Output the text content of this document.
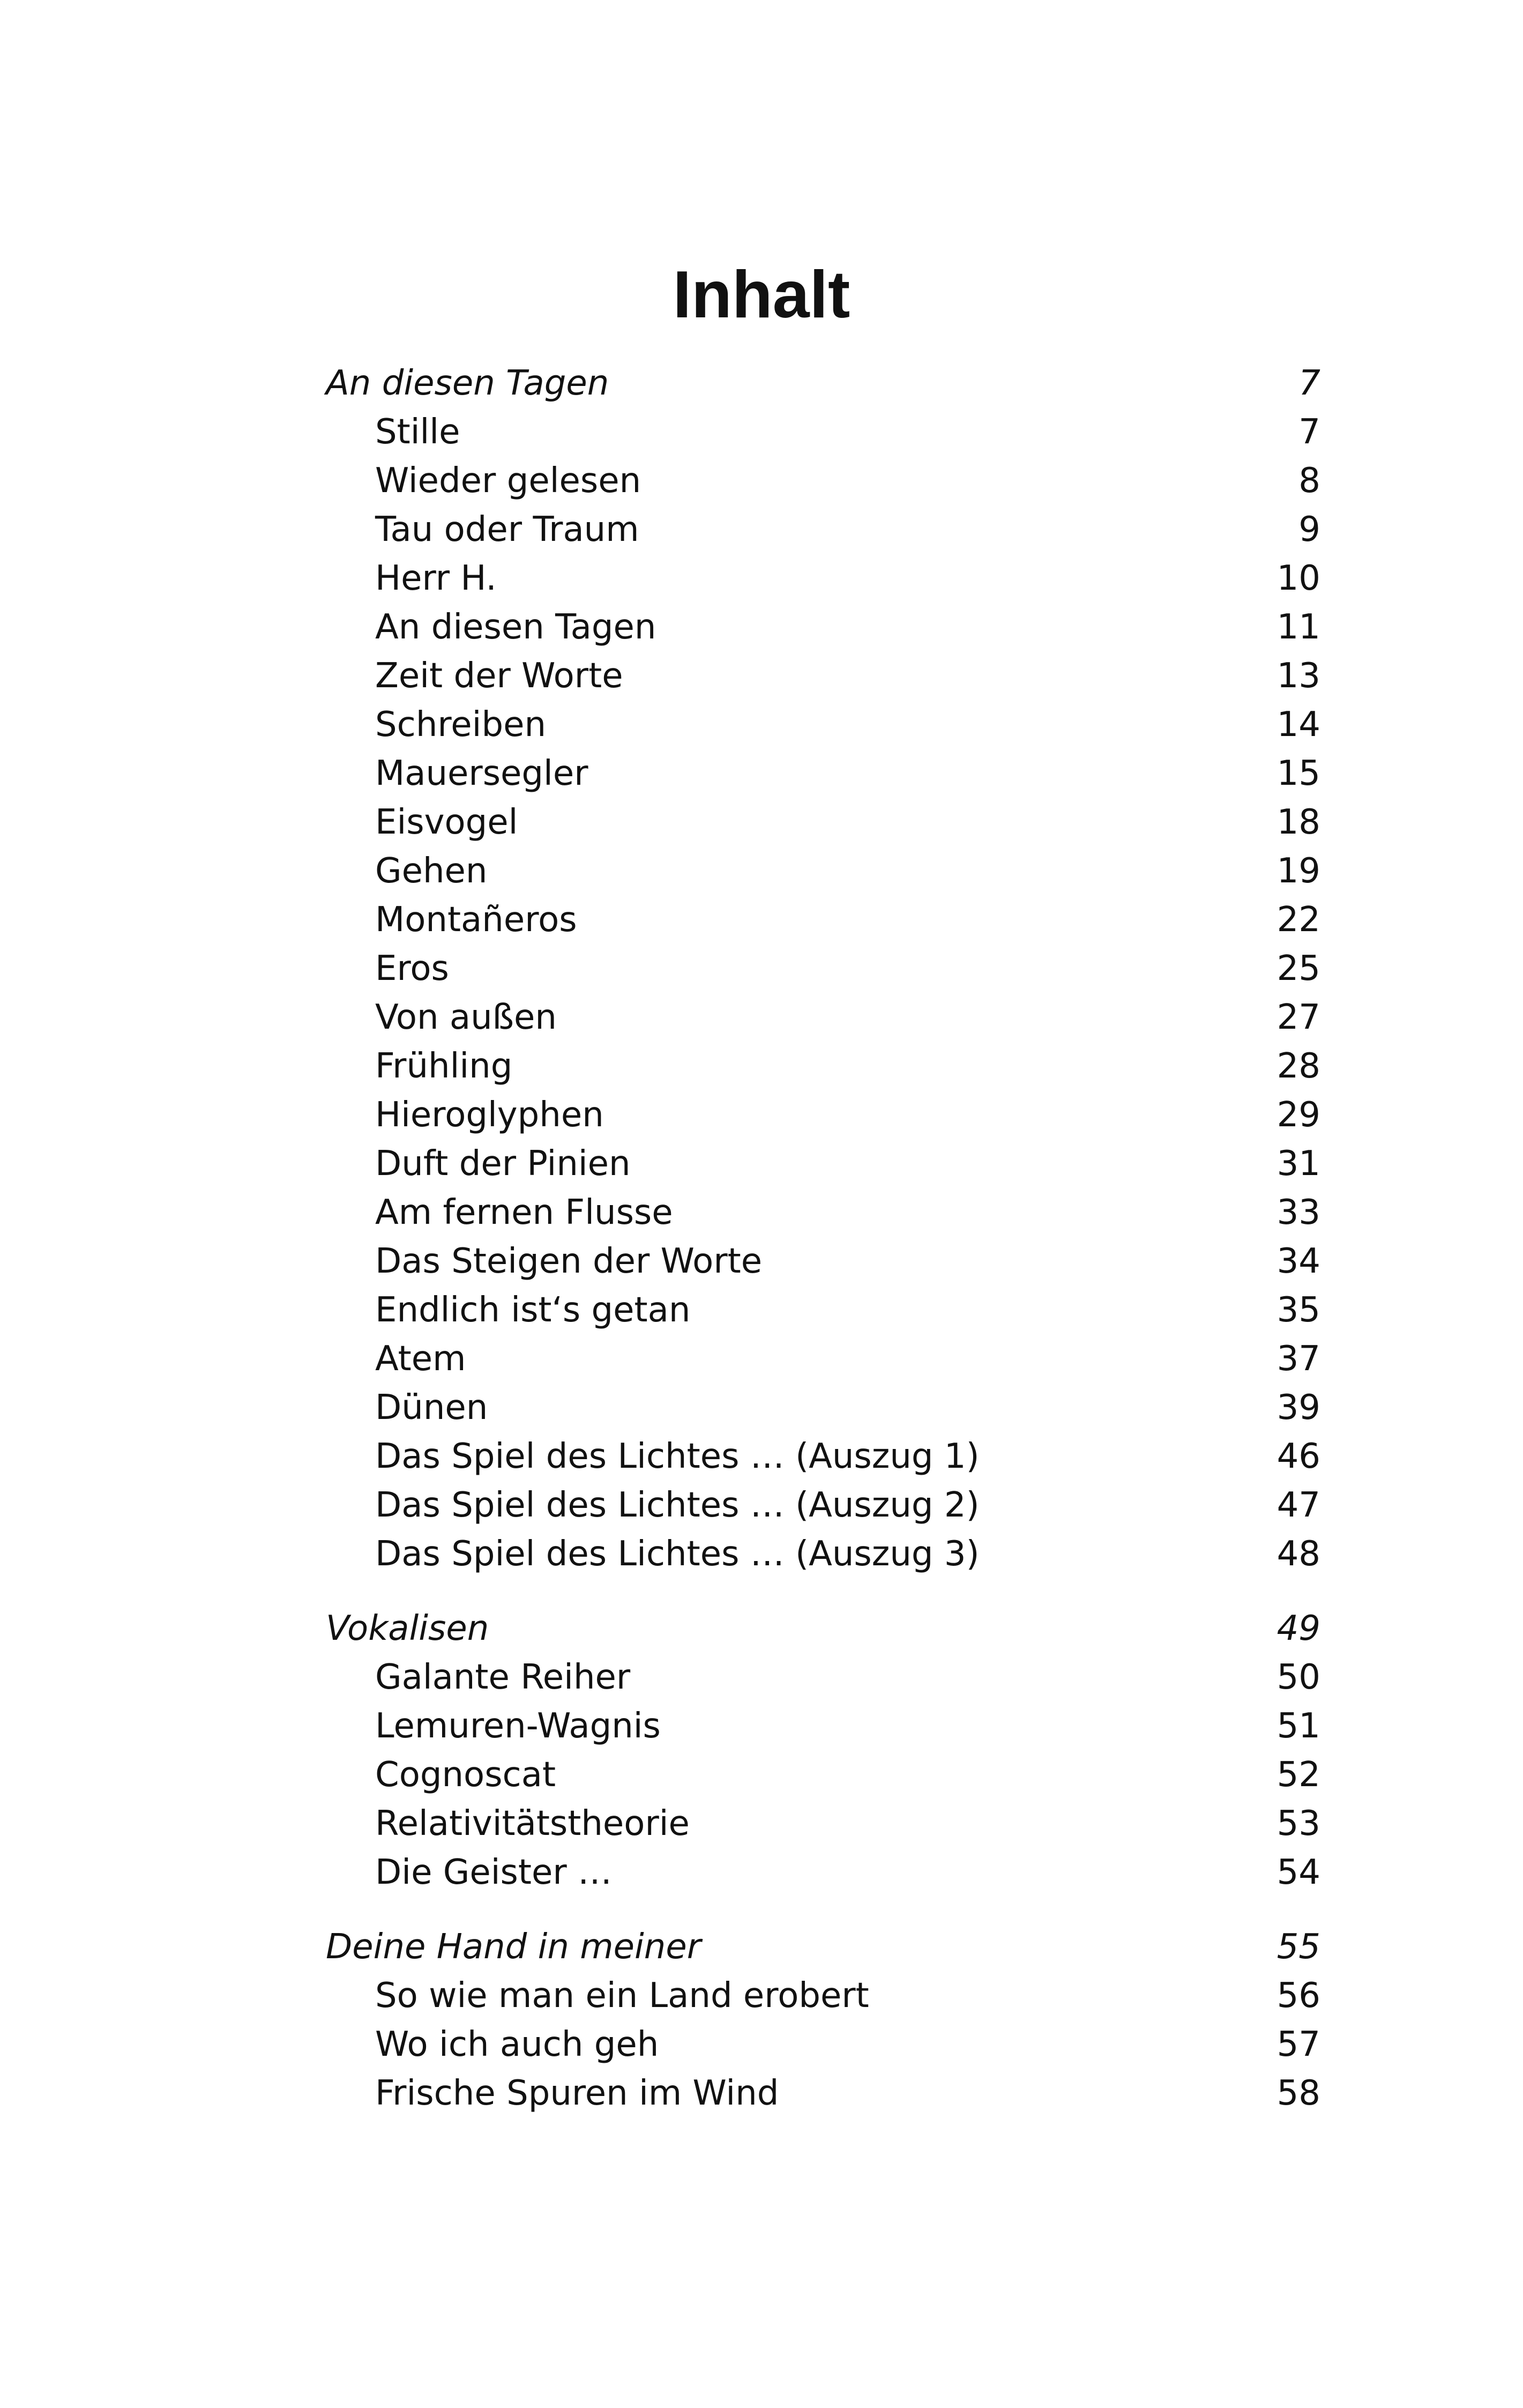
Inhalt
An diesen Tagen	7
Stille	7
Wieder gelesen	8
Tau oder Traum	9
Herr H.	10
An diesen Tagen	11
Zeit der Worte	13
Schreiben	14
Mauersegler	15
Eisvogel	18
Gehen	19
Montañeros	22
Eros	25
Von außen	27
Frühling	28
Hieroglyphen	29
Duft der Pinien	31
Am fernen Flusse	33
Das Steigen der Worte	34
Endlich ist‘s getan	35
Atem	37
Dünen	39
Das Spiel des Lichtes … (Auszug 1)	46
Das Spiel des Lichtes … (Auszug 2)	47
Das Spiel des Lichtes … (Auszug 3)	48
Vokalisen	49
Galante Reiher	50
Lemuren-Wagnis	51
Cognoscat	52
Relativitätstheorie	53
Die Geister …	54
Deine Hand in meiner	55
So wie man ein Land erobert	56
Wo ich auch geh	57
Frische Spuren im Wind	58
